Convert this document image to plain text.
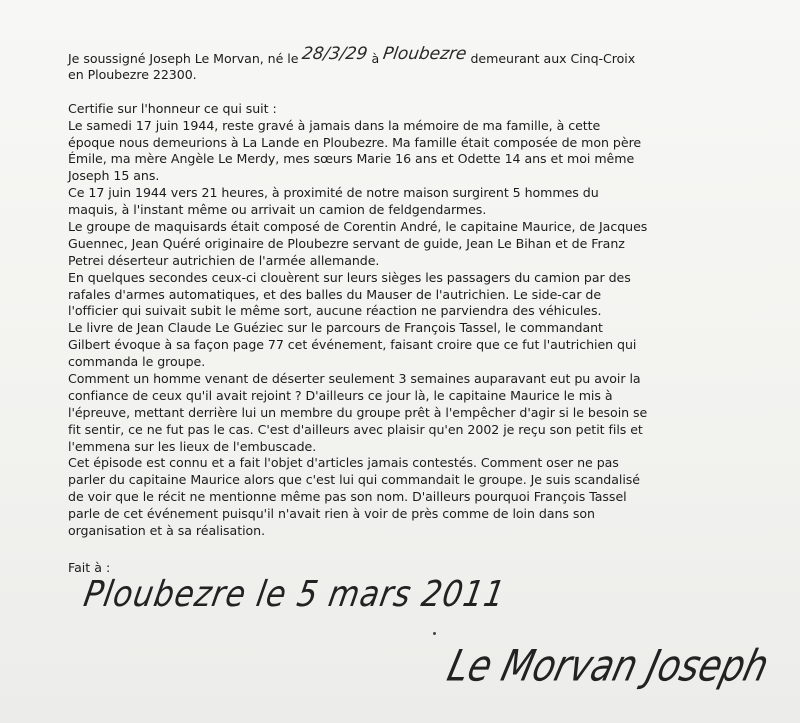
Je soussigné Joseph Le Morvan, né le 28/3/29 à Ploubezre demeurant aux Cinq-Croix
en Ploubezre 22300.
Certifie sur l'honneur ce qui suit :
Le samedi 17 juin 1944, reste gravé à jamais dans la mémoire de ma famille, à cette
époque nous demeurions à La Lande en Ploubezre. Ma famille était composée de mon père
Émile, ma mère Angèle Le Merdy, mes sœurs Marie 16 ans et Odette 14 ans et moi même
Joseph 15 ans.
Ce 17 juin 1944 vers 21 heures, à proximité de notre maison surgirent 5 hommes du
maquis, à l'instant même ou arrivait un camion de feldgendarmes.
Le groupe de maquisards était composé de Corentin André, le capitaine Maurice, de Jacques
Guennec, Jean Quéré originaire de Ploubezre servant de guide, Jean Le Bihan et de Franz
Petrei déserteur autrichien de l'armée allemande.
En quelques secondes ceux-ci clouèrent sur leurs sièges les passagers du camion par des
rafales d'armes automatiques, et des balles du Mauser de l'autrichien. Le side-car de
l'officier qui suivait subit le même sort, aucune réaction ne parviendra des véhicules.
Le livre de Jean Claude Le Guéziec sur le parcours de François Tassel, le commandant
Gilbert évoque à sa façon page 77 cet événement, faisant croire que ce fut l'autrichien qui
commanda le groupe.
Comment un homme venant de déserter seulement 3 semaines auparavant eut pu avoir la
confiance de ceux qu'il avait rejoint ? D'ailleurs ce jour là, le capitaine Maurice le mis à
l'épreuve, mettant derrière lui un membre du groupe prêt à l'empêcher d'agir si le besoin se
fit sentir, ce ne fut pas le cas. C'est d'ailleurs avec plaisir qu'en 2002 je reçu son petit fils et
l'emmena sur les lieux de l'embuscade.
Cet épisode est connu et a fait l'objet d'articles jamais contestés. Comment oser ne pas
parler du capitaine Maurice alors que c'est lui qui commandait le groupe. Je suis scandalisé
de voir que le récit ne mentionne même pas son nom. D'ailleurs pourquoi François Tassel
parle de cet événement puisqu'il n'avait rien à voir de près comme de loin dans son
organisation et à sa réalisation.
Fait à :
Ploubezre le 5 mars 2011
Le Morvan Joseph
